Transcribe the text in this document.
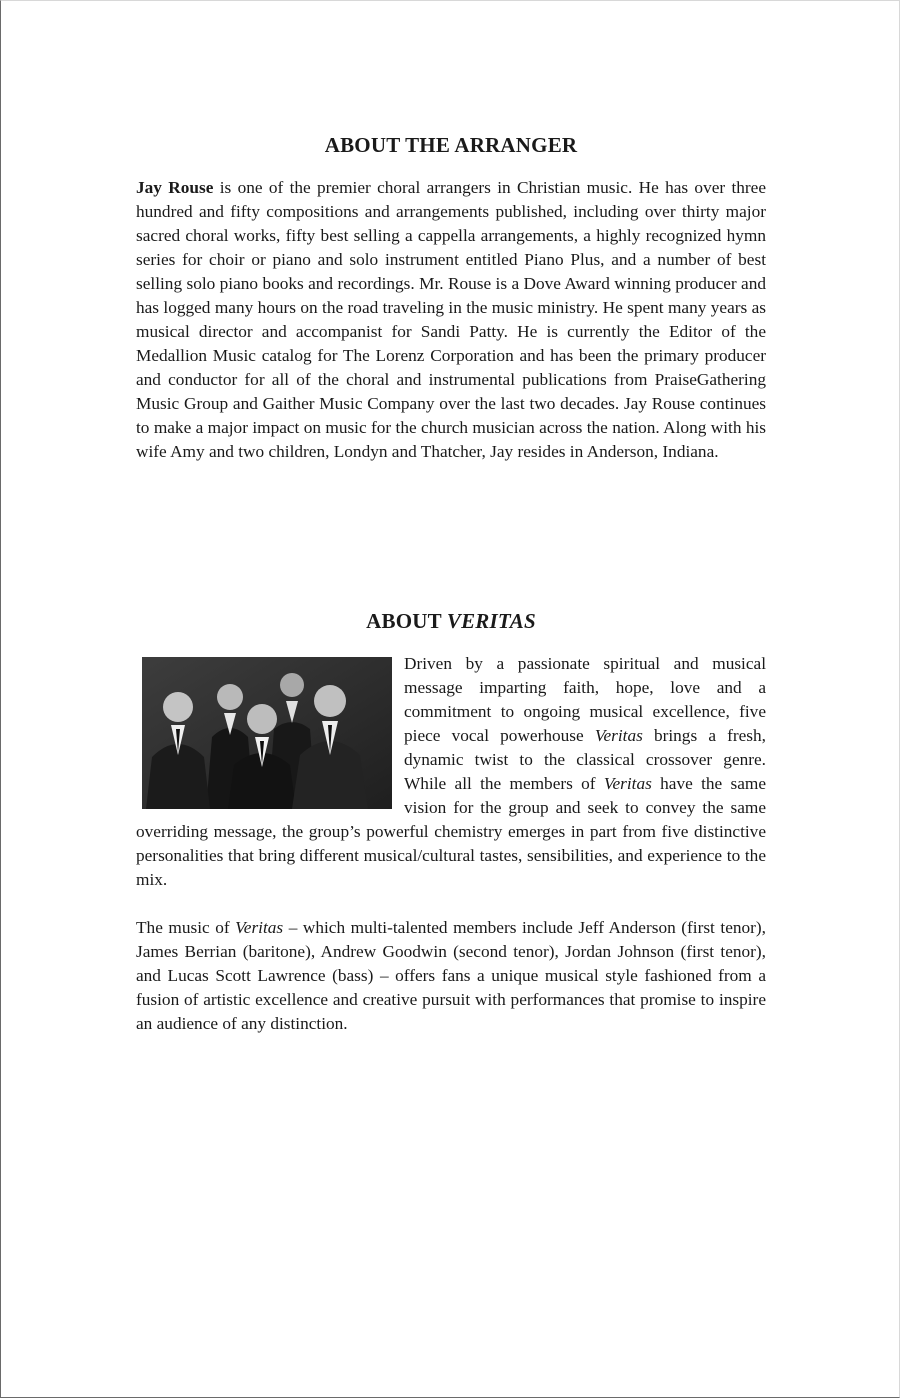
ABOUT THE ARRANGER

Jay Rouse is one of the premier choral arrangers in Christian music. He has over three hundred and fifty compositions and arrangements published, including over thirty major sacred choral works, fifty best selling a cappella arrangements, a highly recognized hymn series for choir or piano and solo instrument entitled Piano Plus, and a number of best selling solo piano books and recordings. Mr. Rouse is a Dove Award winning producer and has logged many hours on the road traveling in the music ministry. He spent many years as musical director and accompanist for Sandi Patty. He is currently the Editor of the Medallion Music catalog for The Lorenz Corporation and has been the primary producer and conductor for all of the choral and instrumental publications from PraiseGathering Music Group and Gaither Music Company over the last two decades. Jay Rouse continues to make a major impact on music for the church musician across the nation. Along with his wife Amy and two children, Londyn and Thatcher, Jay resides in Anderson, Indiana.

ABOUT VERITAS

Driven by a passionate spiritual and musical message imparting faith, hope, love and a commitment to ongoing musical excellence, five piece vocal powerhouse Veritas brings a fresh, dynamic twist to the classical crossover genre. While all the members of Veritas have the same vision for the group and seek to convey the same overriding message, the group’s powerful chemistry emerges in part from five distinctive personalities that bring different musical/cultural tastes, sensibilities, and experience to the mix.

The music of Veritas – which multi-talented members include Jeff Anderson (first tenor), James Berrian (baritone), Andrew Goodwin (second tenor), Jordan Johnson (first tenor), and Lucas Scott Lawrence (bass) – offers fans a unique musical style fashioned from a fusion of artistic excellence and creative pursuit with performances that promise to inspire an audience of any distinction.
